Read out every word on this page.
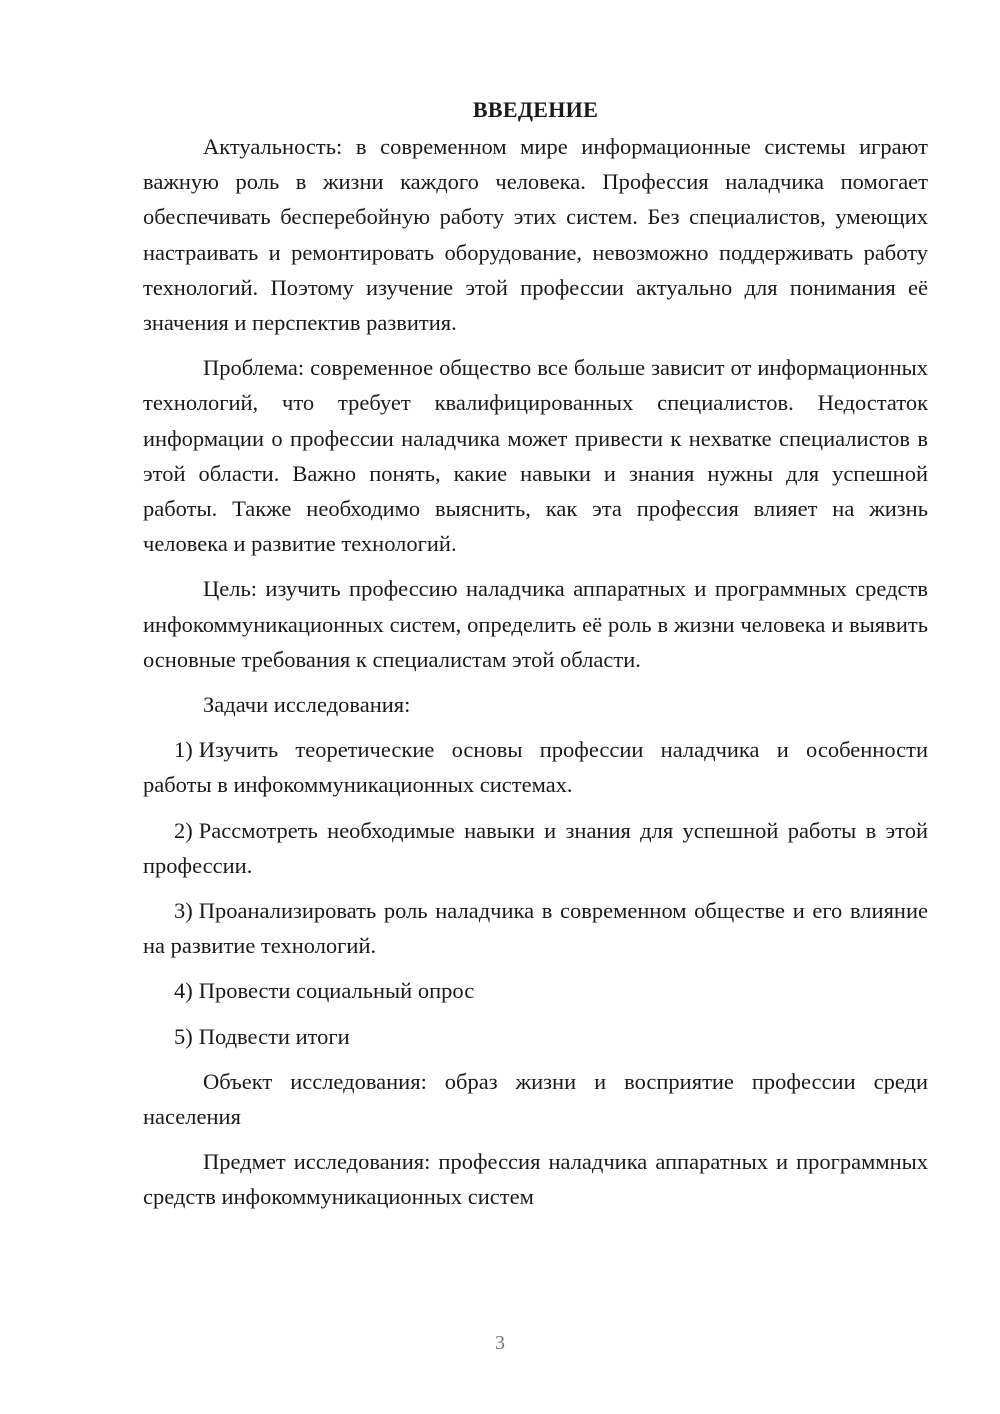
ВВЕДЕНИЕ

Актуальность: в современном мире информационные системы играют важную роль в жизни каждого человека. Профессия наладчика помогает обеспечивать бесперебойную работу этих систем. Без специалистов, умеющих настраивать и ремонтировать оборудование, невозможно поддерживать работу технологий. Поэтому изучение этой профессии актуально для понимания её значения и перспектив развития.

Проблема: современное общество все больше зависит от информационных технологий, что требует квалифицированных специалистов. Недостаток информации о профессии наладчика может привести к нехватке специалистов в этой области. Важно понять, какие навыки и знания нужны для успешной работы. Также необходимо выяснить, как эта профессия влияет на жизнь человека и развитие технологий.

Цель: изучить профессию наладчика аппаратных и программных средств инфокоммуникационных систем, определить её роль в жизни человека и выявить основные требования к специалистам этой области.

Задачи исследования:

1) Изучить теоретические основы профессии наладчика и особенности работы в инфокоммуникационных системах.

2) Рассмотреть необходимые навыки и знания для успешной работы в этой профессии.

3) Проанализировать роль наладчика в современном обществе и его влияние на развитие технологий.

4) Провести социальный опрос

5) Подвести итоги

Объект исследования: образ жизни и восприятие профессии среди населения

Предмет исследования: профессия наладчика аппаратных и программных средств инфокоммуникационных систем

3
